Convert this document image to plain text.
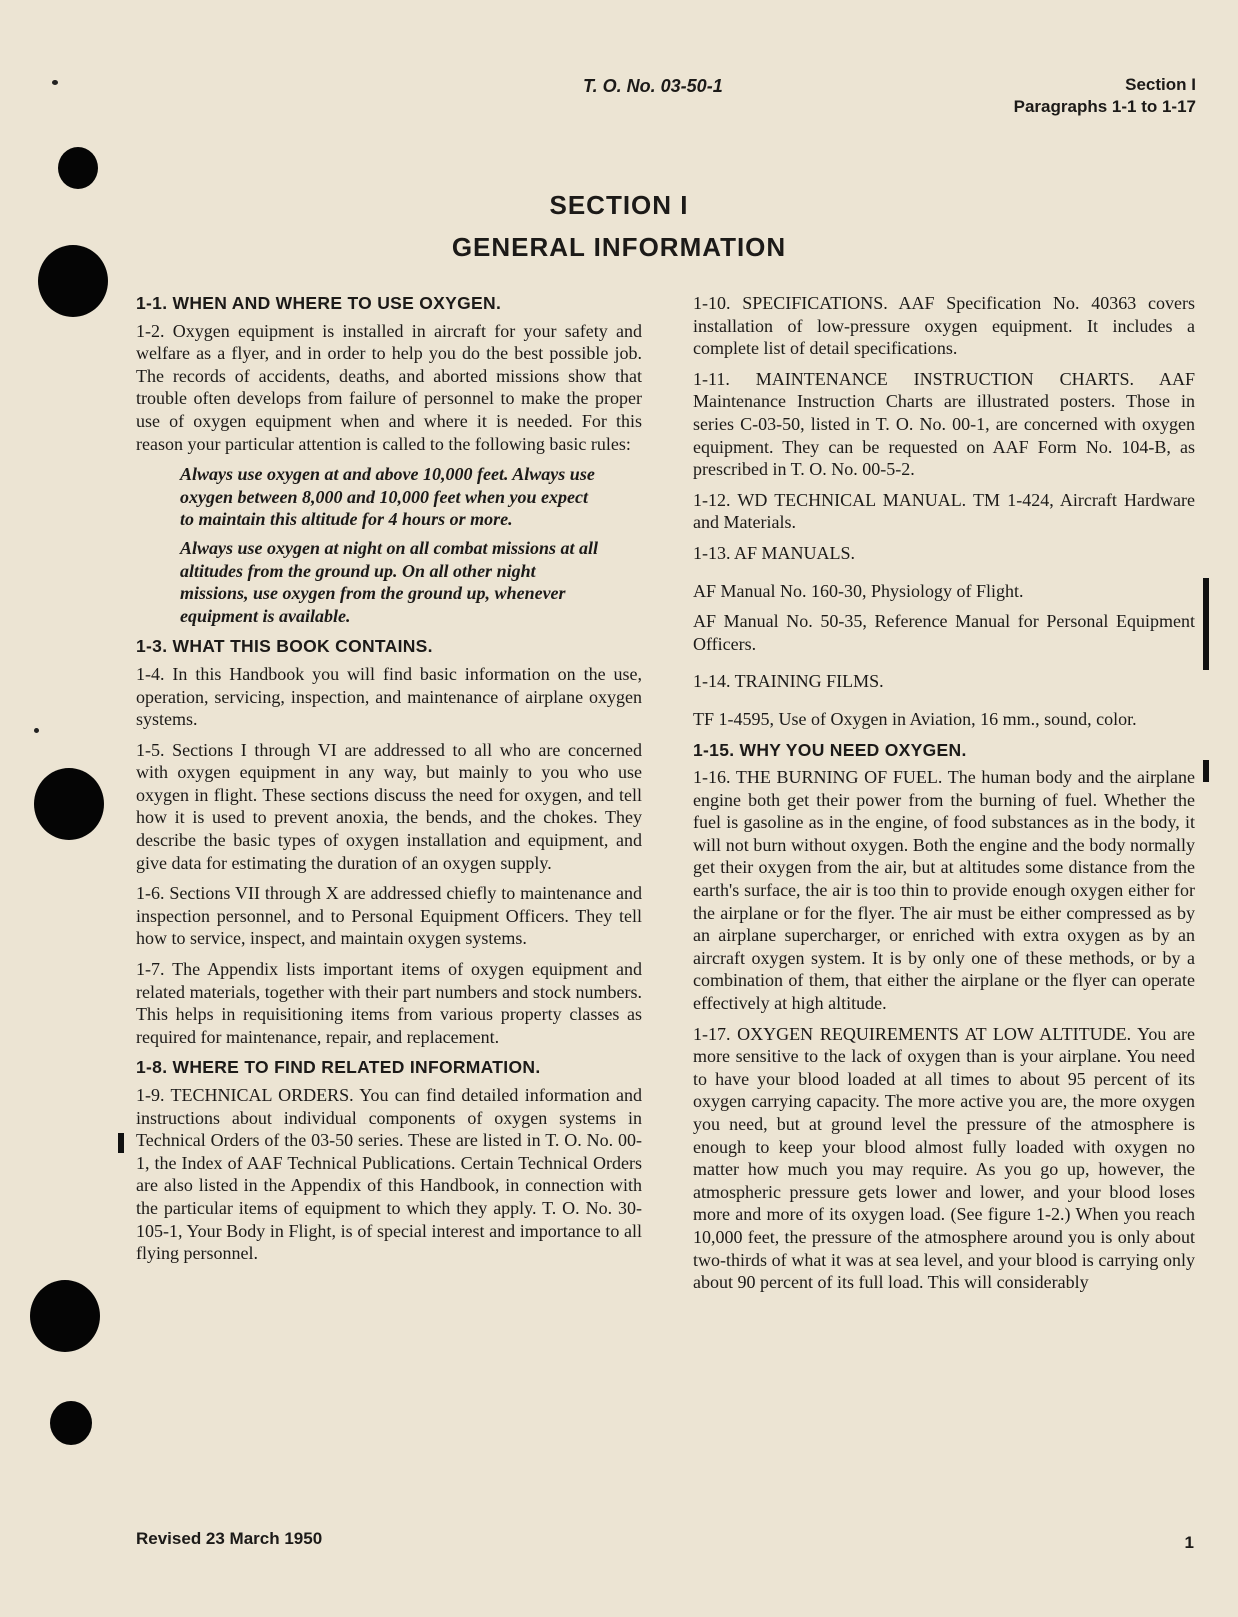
T. O. No. 03-50-1	Section I
Paragraphs 1-1 to 1-17
SECTION I
GENERAL INFORMATION
1-1. WHEN AND WHERE TO USE OXYGEN.

1-2. Oxygen equipment is installed in aircraft for your safety and welfare as a flyer, and in order to help you do the best possible job. The records of accidents, deaths, and aborted missions show that trouble often develops from failure of personnel to make the proper use of oxygen equipment when and where it is needed. For this reason your particular attention is called to the following basic rules:

Always use oxygen at and above 10,000 feet. Always use oxygen between 8,000 and 10,000 feet when you expect to maintain this altitude for 4 hours or more.
Always use oxygen at night on all combat missions at all altitudes from the ground up. On all other night missions, use oxygen from the ground up, whenever equipment is available.
1-3. WHAT THIS BOOK CONTAINS.

1-4. In this Handbook you will find basic information on the use, operation, servicing, inspection, and maintenance of airplane oxygen systems.

1-5. Sections I through VI are addressed to all who are concerned with oxygen equipment in any way, but mainly to you who use oxygen in flight. These sections discuss the need for oxygen, and tell how it is used to prevent anoxia, the bends, and the chokes. They describe the basic types of oxygen installation and equipment, and give data for estimating the duration of an oxygen supply.

1-6. Sections VII through X are addressed chiefly to maintenance and inspection personnel, and to Personal Equipment Officers. They tell how to service, inspect, and maintain oxygen systems.

1-7. The Appendix lists important items of oxygen equipment and related materials, together with their part numbers and stock numbers. This helps in requisitioning items from various property classes as required for maintenance, repair, and replacement.

1-8. WHERE TO FIND RELATED INFORMATION.

1-9. TECHNICAL ORDERS. You can find detailed information and instructions about individual components of oxygen systems in Technical Orders of the 03-50 series. These are listed in T. O. No. 00-1, the Index of AAF Technical Publications. Certain Technical Orders are also listed in the Appendix of this Handbook, in connection with the particular items of equipment to which they apply. T. O. No. 30-105-1, Your Body in Flight, is of special interest and importance to all flying personnel.

1-10. SPECIFICATIONS. AAF Specification No. 40363 covers installation of low-pressure oxygen equipment. It includes a complete list of detail specifications.

1-11. MAINTENANCE INSTRUCTION CHARTS. AAF Maintenance Instruction Charts are illustrated posters. Those in series C-03-50, listed in T. O. No. 00-1, are concerned with oxygen equipment. They can be requested on AAF Form No. 104-B, as prescribed in T. O. No. 00-5-2.

1-12. WD TECHNICAL MANUAL. TM 1-424, Aircraft Hardware and Materials.

1-13. AF MANUALS.

AF Manual No. 160-30, Physiology of Flight.

AF Manual No. 50-35, Reference Manual for Personal Equipment Officers.

1-14. TRAINING FILMS.

TF 1-4595, Use of Oxygen in Aviation, 16 mm., sound, color.

1-15. WHY YOU NEED OXYGEN.

1-16. THE BURNING OF FUEL. The human body and the airplane engine both get their power from the burning of fuel. Whether the fuel is gasoline as in the engine, of food substances as in the body, it will not burn without oxygen. Both the engine and the body normally get their oxygen from the air, but at altitudes some distance from the earth's surface, the air is too thin to provide enough oxygen either for the airplane or for the flyer. The air must be either compressed as by an airplane supercharger, or enriched with extra oxygen as by an aircraft oxygen system. It is by only one of these methods, or by a combination of them, that either the airplane or the flyer can operate effectively at high altitude.

1-17. OXYGEN REQUIREMENTS AT LOW ALTITUDE. You are more sensitive to the lack of oxygen than is your airplane. You need to have your blood loaded at all times to about 95 percent of its oxygen carrying capacity. The more active you are, the more oxygen you need, but at ground level the pressure of the atmosphere is enough to keep your blood almost fully loaded with oxygen no matter how much you may require. As you go up, however, the atmospheric pressure gets lower and lower, and your blood loses more and more of its oxygen load. (See figure 1-2.) When you reach 10,000 feet, the pressure of the atmosphere around you is only about two-thirds of what it was at sea level, and your blood is carrying only about 90 percent of its full load. This will considerably

Revised 23 March 1950	1
